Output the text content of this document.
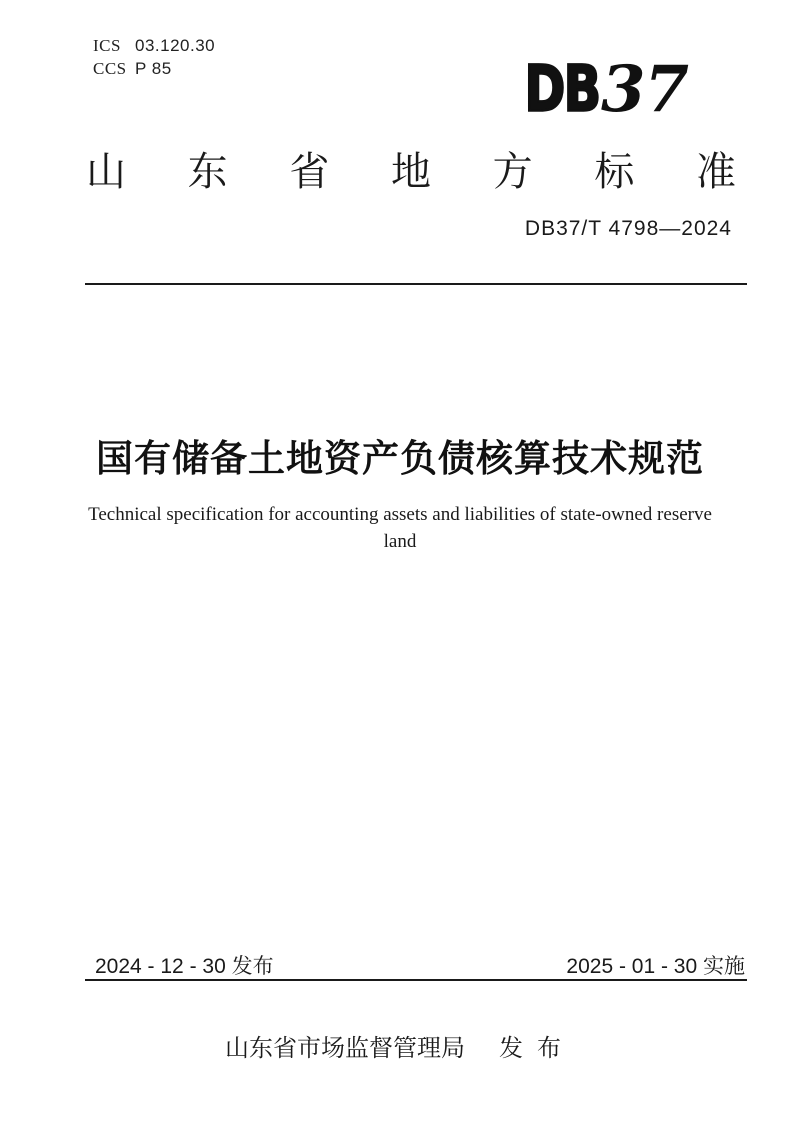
ICS 03.120.30
CCS P 85	DB37
山东省地方标准
DB37/T 4798—2024
国有储备土地资产负债核算技术规范
Technical specification for accounting assets and liabilities of state-owned reserve
land
2024 - 12 - 30 发布	2025 - 01 - 30 实施
山东省市场监督管理局 发布
